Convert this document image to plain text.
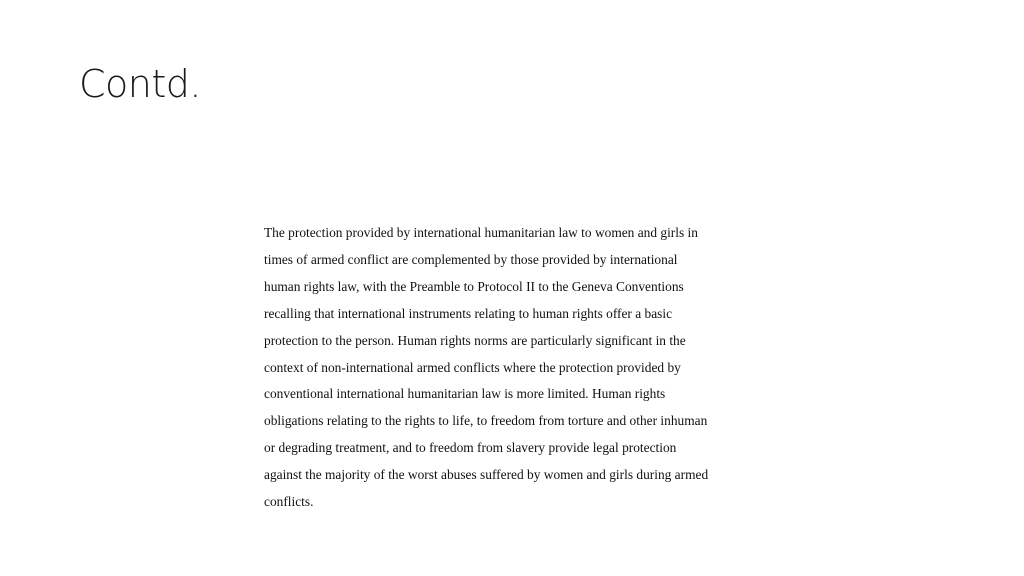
Contd.
The protection provided by international humanitarian law to women and girls in
times of armed conflict are complemented by those provided by international
human rights law, with the Preamble to Protocol II to the Geneva Conventions
recalling that international instruments relating to human rights offer a basic
protection to the person. Human rights norms are particularly significant in the
context of non-international armed conflicts where the protection provided by
conventional international humanitarian law is more limited. Human rights
obligations relating to the rights to life, to freedom from torture and other inhuman
or degrading treatment, and to freedom from slavery provide legal protection
against the majority of the worst abuses suffered by women and girls during armed
conflicts.
